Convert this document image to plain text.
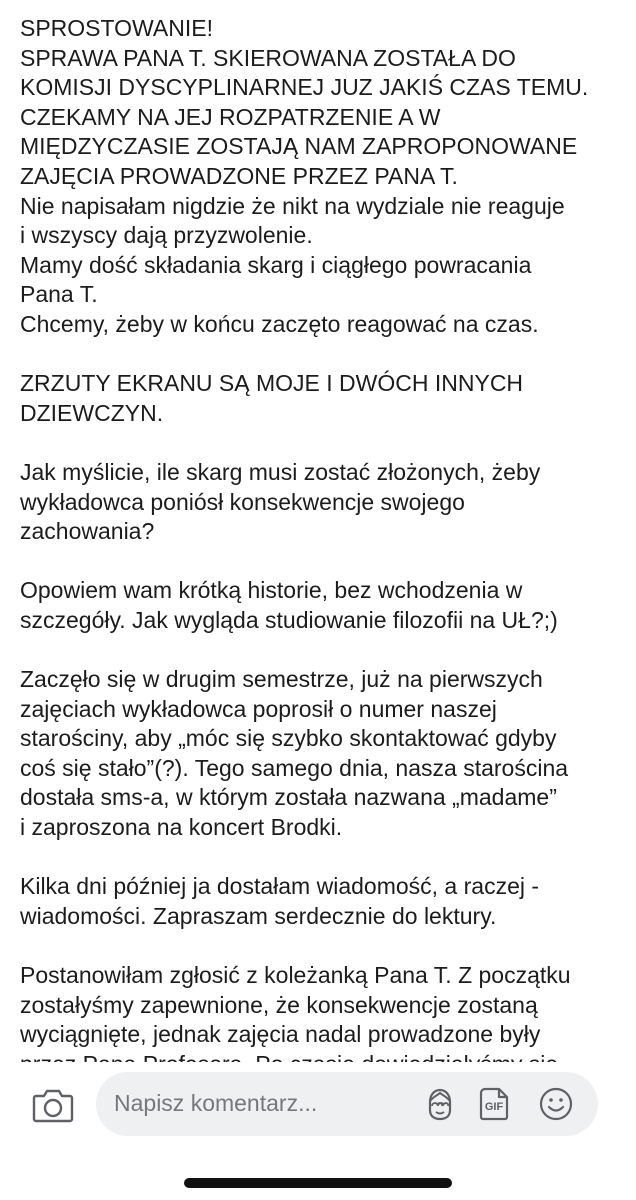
SPROSTOWANIE!
SPRAWA PANA T. SKIEROWANA ZOSTAŁA DO
KOMISJI DYSCYPLINARNEJ JUZ JAKIŚ CZAS TEMU.
CZEKAMY NA JEJ ROZPATRZENIE A W
MIĘDZYCZASIE ZOSTAJĄ NAM ZAPROPONOWANE
ZAJĘCIA PROWADZONE PRZEZ PANA T.
Nie napisałam nigdzie że nikt na wydziale nie reaguje
i wszyscy dają przyzwolenie.
Mamy dość składania skarg i ciągłego powracania
Pana T.
Chcemy, żeby w końcu zaczęto reagować na czas.
ZRZUTY EKRANU SĄ MOJE I DWÓCH INNYCH
DZIEWCZYN.
Jak myślicie, ile skarg musi zostać złożonych, żeby
wykładowca poniósł konsekwencje swojego
zachowania?
Opowiem wam krótką historie, bez wchodzenia w
szczegóły. Jak wygląda studiowanie filozofii na UŁ?;)
Zaczęło się w drugim semestrze, już na pierwszych
zajęciach wykładowca poprosił o numer naszej
starościny, aby „móc się szybko skontaktować gdyby
coś się stało”(?). Tego samego dnia, nasza starościna
dostała sms-a, w którym została nazwana „madame”
i zaproszona na koncert Brodki.
Kilka dni później ja dostałam wiadomość, a raczej -
wiadomości. Zapraszam serdecznie do lektury.
Postanowiłam zgłosić z koleżanką Pana T. Z początku
zostałyśmy zapewnione, że konsekwencje zostaną
wyciągnięte, jednak zajęcia nadal prowadzone były
Napisz komentarz...	GIF
